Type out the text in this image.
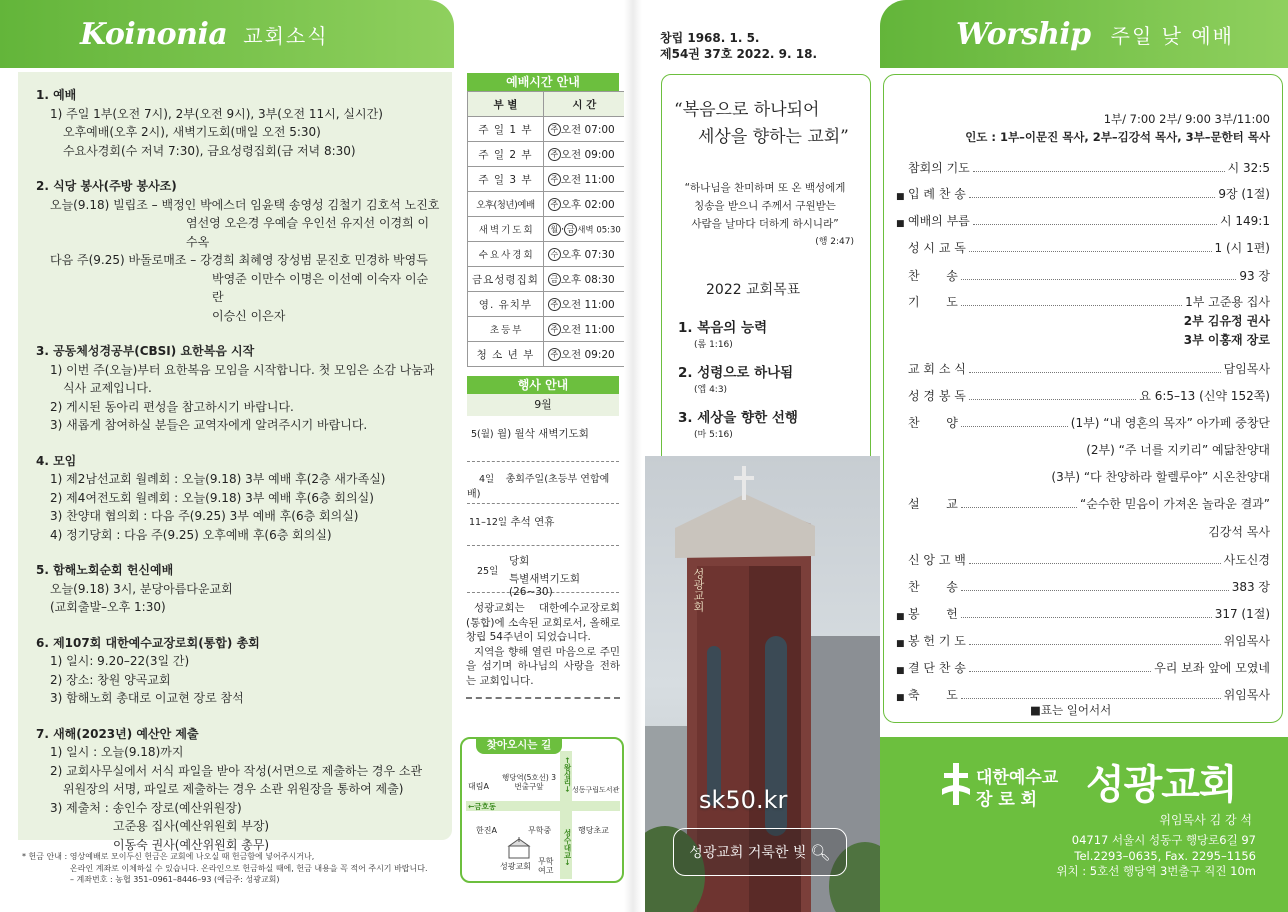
Koinonia 교회소식
1. 예배
1) 주일 1부(오전 7시), 2부(오전 9시), 3부(오전 11시, 실시간)
오후예배(오후 2시), 새벽기도회(매일 오전 5:30)
수요사경회(수 저녁 7:30), 금요성령집회(금 저녁 8:30)
2. 식당 봉사(주방 봉사조)
오늘(9.18) 빌립조 – 백정인 박에스더 임윤택 송영성 김철기 김호석 노진호
염선영 오은경 우예슬 우인선 유지선 이경희 이수옥
다음 주(9.25) 바돌로매조 – 강경희 최혜영 장성범 문진호 민경하 박영득
박영준 이만수 이명은 이선예 이숙자 이순란
이승신 이은자
3. 공동체성경공부(CBSI) 요한복음 시작
1) 이번 주(오늘)부터 요한복음 모임을 시작합니다. 첫 모임은 소감 나눔과
식사 교제입니다.
2) 게시된 동아리 편성을 참고하시기 바랍니다.
3) 새롭게 참여하실 분들은 교역자에게 알려주시기 바랍니다.
4. 모임
1) 제2남선교회 월례회 : 오늘(9.18) 3부 예배 후(2층 새가족실)
2) 제4여전도회 월례회 : 오늘(9.18) 3부 예배 후(6층 회의실)
3) 찬양대 협의회 : 다음 주(9.25) 3부 예배 후(6층 회의실)
4) 정기당회 : 다음 주(9.25) 오후예배 후(6층 회의실)
5. 함해노회순회 헌신예배
오늘(9.18) 3시, 분당아름다운교회
(교회출발–오후 1:30)
6. 제107회 대한예수교장로회(통합) 총회
1) 일시: 9.20–22(3일 간)
2) 장소: 창원 양곡교회
3) 함해노회 총대로 이교현 장로 참석
7. 새해(2023년) 예산안 제출
1) 일시 : 오늘(9.18)까지
2) 교회사무실에서 서식 파일을 받아 작성(서면으로 제출하는 경우 소관
위원장의 서명, 파일로 제출하는 경우 소관 위원장을 통하여 제출)
3) 제출처 : 송인수 장로(예산위원장)
고준용 집사(예산위원회 부장)
이동숙 권사(예산위원회 총무)
* 헌금 안내 : 영상예배로 모이두신 헌금은 교회에 나오실 때 헌금함에 넣어주시거나,
온라인 계좌로 이체하실 수 있습니다. 온라인으로 헌금하실 때에, 헌금 내용을 꼭 적어 주시기 바랍니다.
– 계좌번호 : 농협 351–0961–8446–93 (예금주: 성광교회)
예배시간 안내
부 별	시 간
주 일 1 부	주 오전 07:00
주 일 2 부	주 오전 09:00
주 일 3 부	주 오전 11:00
오후(청년)예배	주 오후 02:00
새 벽 기 도 회	월 · 금 새벽 05:30
수 요 사 경 회	수 오후 07:30
금요성령집회	금 오후 08:30
영. 유치부	주 오전 11:00
초 등 부	주 오전 11:00
청 소 년 부	주 오전 09:20
행사 안내
9월
5(월) 월) 월삭 새벽기도회
4일 총회주일(초등부 연합예배)
11–12일 추석 연휴
25일
당회
특별새벽기도회(26~30)
성광교회는 대한예수교장로회(통합)에 소속된 교회로서, 올해로 창립 54주년이 되었습니다.
지역을 향해 열린 마음으로 주민을 섬기며 하나님의 사랑을 전하는 교회입니다.
찾아오시는 길
←왕십리→
성수대교→
←금호동
대림A
행당역(5호선) 3번출구앞	성동구립도서관
한진A	무학중	행당초교
성광교회
무학여고
창립 1968. 1. 5.
제54권 37호 2022. 9. 18.
“복음으로 하나되어
세상을 향하는 교회”
“하나님을 찬미하며 또 온 백성에게
칭송을 받으니 주께서 구원받는
사람을 날마다 더하게 하시니라”
(행 2:47)
2022 교회목표
1. 복음의 능력
(롬 1:16)
2. 성령으로 하나됨
(엡 4:3)
3. 세상을 향한 선행
(마 5:16)
성광교회
sk50.kr
성광교회 거룩한 빛 🔍︎
Worship 주일 낮 예배
1부/ 7:00 2부/ 9:00 3부/11:00
인도 : 1부–이문진 목사, 2부–김강석 목사, 3부–문한터 목사
참회의 기도	시 32:5
■ 입 례 찬 송	9장 (1절)
■ 예배의 부름	시 149:1
성 시 교 독	1 (시 1편)
찬       송	93 장
기       도	1부 고준용 집사
2부 김유정 권사
3부 이홍재 장로
교 회 소 식	담임목사
성 경 봉 독	요 6:5–13 (신약 152쪽)
찬       양	(1부) “내 영혼의 목자” 아가페 중창단
(2부) “주 너를 지키리” 예닮찬양대
(3부) “다 찬양하라 할렐루야” 시온찬양대
설       교	“순수한 믿음이 가져온 놀라운 결과”
김강석 목사
신 앙 고 백	사도신경
찬       송	383 장
■ 봉       헌	317 (1절)
■ 봉 헌 기 도	위임목사
■ 결 단 찬 송	우리 보좌 앞에 모였네
■ 축       도	위임목사
■표는 일어서서
대한예수교
장 로 회 성광교회
위임목사 김 강 석
04717 서울시 성동구 행당로6길 97
Tel.2293–0635, Fax. 2295–1156
위치 : 5호선 행당역 3번출구 직진 10m
